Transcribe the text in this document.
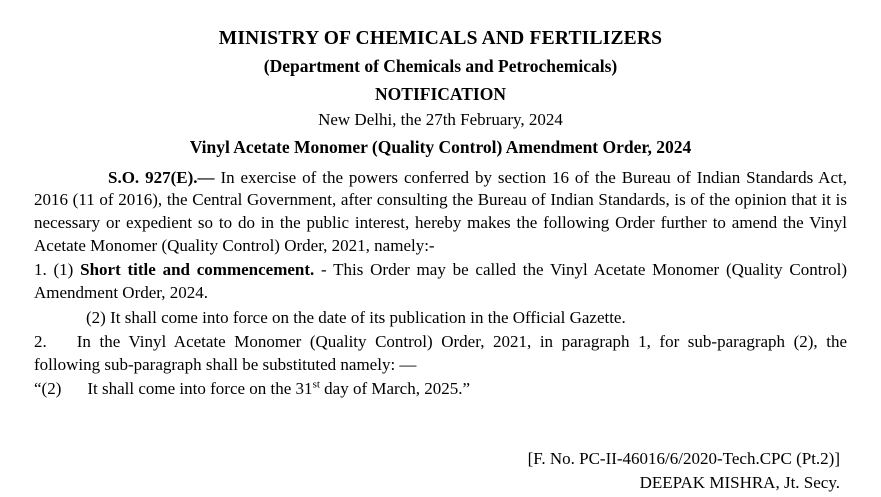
MINISTRY OF CHEMICALS AND FERTILIZERS
(Department of Chemicals and Petrochemicals)
NOTIFICATION
New Delhi, the 27th February, 2024
Vinyl Acetate Monomer (Quality Control) Amendment Order, 2024

S.O. 927(E).— In exercise of the powers conferred by section 16 of the Bureau of Indian Standards Act, 2016 (11 of 2016), the Central Government, after consulting the Bureau of Indian Standards, is of the opinion that it is necessary or expedient so to do in the public interest, hereby makes the following Order further to amend the Vinyl Acetate Monomer (Quality Control) Order, 2021, namely:-

1. (1) Short title and commencement. - This Order may be called the Vinyl Acetate Monomer (Quality Control) Amendment Order, 2024.

(2) It shall come into force on the date of its publication in the Official Gazette.

2. In the Vinyl Acetate Monomer (Quality Control) Order, 2021, in paragraph 1, for sub-paragraph (2), the following sub-paragraph shall be substituted namely: —

“(2) It shall come into force on the 31st day of March, 2025.”

[F. No. PC-II-46016/6/2020-Tech.CPC (Pt.2)]
DEEPAK MISHRA, Jt. Secy.
